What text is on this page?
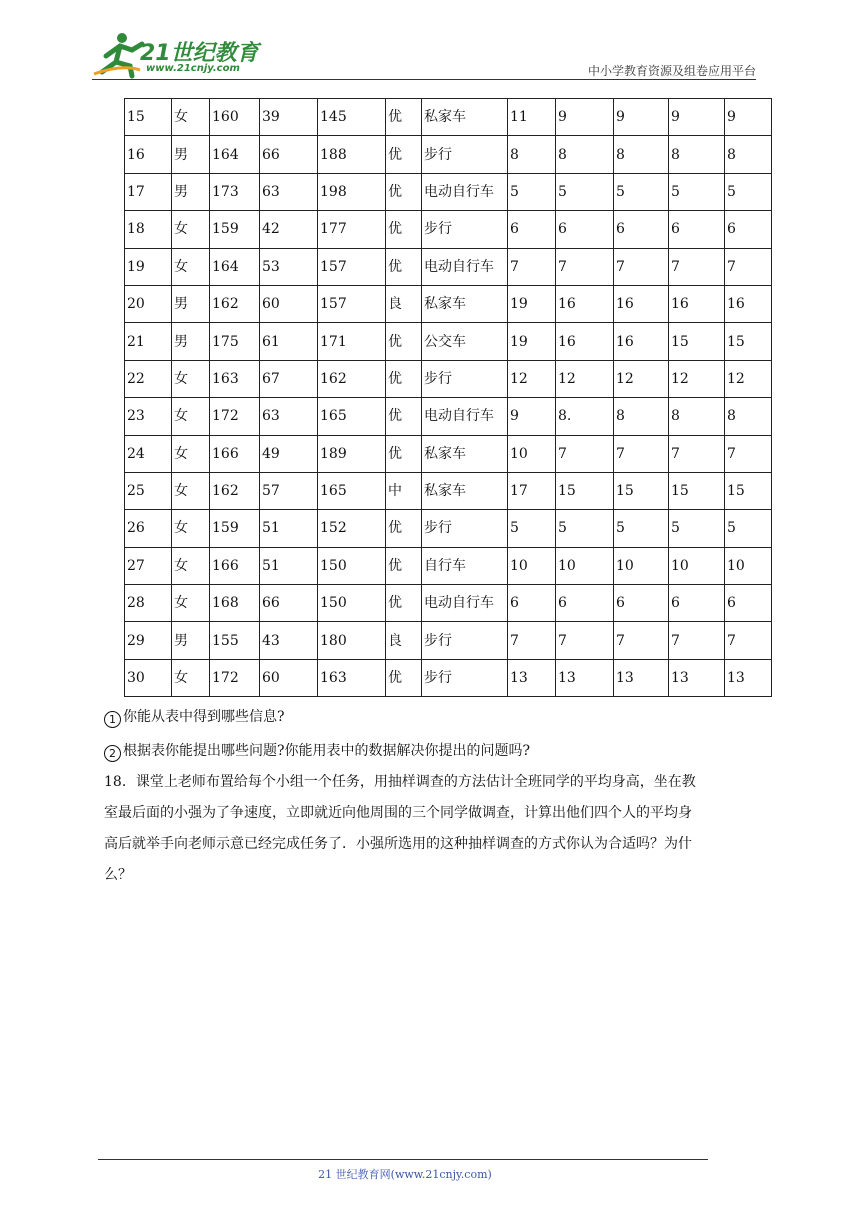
21世纪教育
www.21cnjy.com	中小学教育资源及组卷应用平台
15	女	160	39	145	优	私家车	11	9	9	9	9
16	男	164	66	188	优	步行	8	8	8	8	8
17	男	173	63	198	优	电动自行车	5	5	5	5	5
18	女	159	42	177	优	步行	6	6	6	6	6
19	女	164	53	157	优	电动自行车	7	7	7	7	7
20	男	162	60	157	良	私家车	19	16	16	16	16
21	男	175	61	171	优	公交车	19	16	16	15	15
22	女	163	67	162	优	步行	12	12	12	12	12
23	女	172	63	165	优	电动自行车	9	8.	8	8	8
24	女	166	49	189	优	私家车	10	7	7	7	7
25	女	162	57	165	中	私家车	17	15	15	15	15
26	女	159	51	152	优	步行	5	5	5	5	5
27	女	166	51	150	优	自行车	10	10	10	10	10
28	女	168	66	150	优	电动自行车	6	6	6	6	6
29	男	155	43	180	良	步行	7	7	7	7	7
30	女	172	60	163	优	步行	13	13	13	13	13
1 你能从表中得到哪些信息?
2 根据表你能提出哪些问题?你能用表中的数据解决你提出的问题吗?
18．课堂上老师布置给每个小组一个任务，用抽样调查的方法估计全班同学的平均身高，坐在教
室最后面的小强为了争速度，立即就近向他周围的三个同学做调查，计算出他们四个人的平均身
高后就举手向老师示意已经完成任务了．小强所选用的这种抽样调查的方式你认为合适吗？为什
么？
21 世纪教育网(www.21cnjy.com)
